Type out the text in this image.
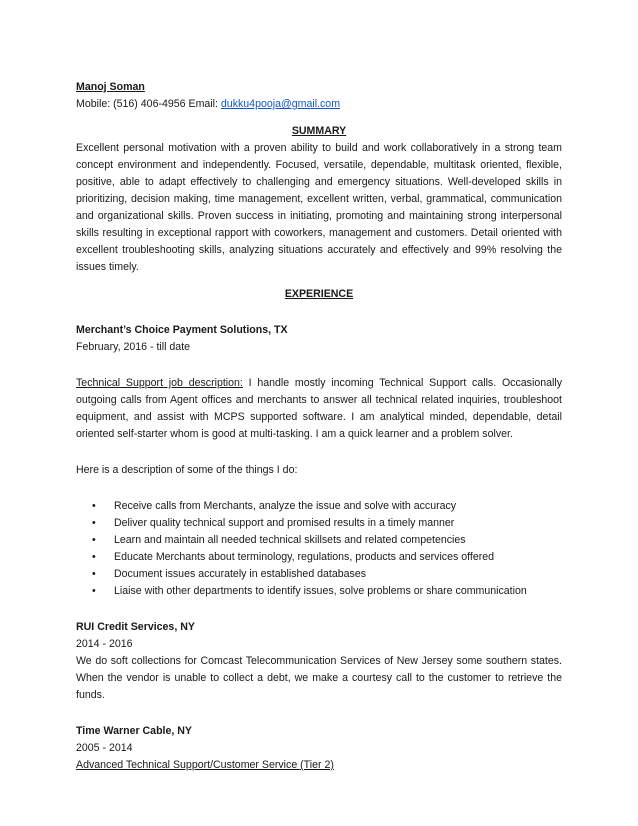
Manoj Soman

Mobile: (516) 406-4956 Email: dukku4pooja@gmail.com

SUMMARY

Excellent personal motivation with a proven ability to build and work collaboratively in a strong team concept environment and independently. Focused, versatile, dependable, multitask oriented, flexible, positive, able to adapt effectively to challenging and emergency situations. Well-developed skills in prioritizing, decision making, time management, excellent written, verbal, grammatical, communication and organizational skills. Proven success in initiating, promoting and maintaining strong interpersonal skills resulting in exceptional rapport with coworkers, management and customers. Detail oriented with excellent troubleshooting skills, analyzing situations accurately and effectively and 99% resolving the issues timely.

EXPERIENCE

Merchant’s Choice Payment Solutions, TX

February, 2016 - till date

Technical Support job description: I handle mostly incoming Technical Support calls. Occasionally outgoing calls from Agent offices and merchants to answer all technical related inquiries, troubleshoot equipment, and assist with MCPS supported software. I am analytical minded, dependable, detail oriented self-starter whom is good at multi-tasking. I am a quick learner and a problem solver.

Here is a description of some of the things I do:

• Receive calls from Merchants, analyze the issue and solve with accuracy
• Deliver quality technical support and promised results in a timely manner
• Learn and maintain all needed technical skillsets and related competencies
• Educate Merchants about terminology, regulations, products and services offered
• Document issues accurately in established databases
• Liaise with other departments to identify issues, solve problems or share communication

RUI Credit Services, NY

2014 - 2016

We do soft collections for Comcast Telecommunication Services of New Jersey some southern states. When the vendor is unable to collect a debt, we make a courtesy call to the customer to retrieve the funds.

Time Warner Cable, NY

2005 - 2014

Advanced Technical Support/Customer Service (Tier 2)
